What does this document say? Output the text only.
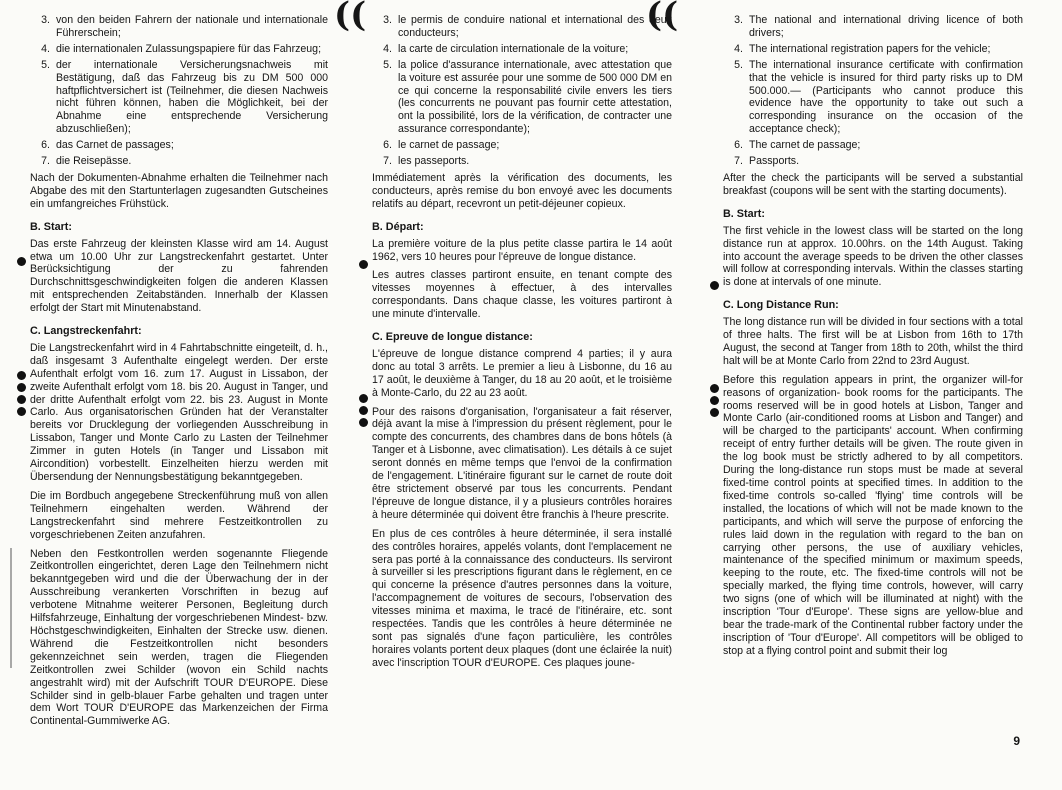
((	((
3. von den beiden Fahrern der nationale und internationale Führerschein;
4. die internationalen Zulassungspapiere für das Fahrzeug;
5. der internationale Versicherungsnachweis mit Bestätigung, daß das Fahrzeug bis zu DM 500 000 haftpflichtversichert ist (Teilnehmer, die diesen Nachweis nicht führen können, haben die Möglichkeit, bei der Abnahme eine entsprechende Versicherung abzuschließen);
6. das Carnet de passages;
7. die Reisepässe.

Nach der Dokumenten-Abnahme erhalten die Teilnehmer nach Abgabe des mit den Startunterlagen zugesandten Gutscheines ein umfangreiches Frühstück.

B. Start:

Das erste Fahrzeug der kleinsten Klasse wird am 14. August etwa um 10.00 Uhr zur Langstreckenfahrt gestartet. Unter Berücksichtigung der zu fahrenden Durchschnittsgeschwindigkeiten folgen die anderen Klassen mit entsprechenden Zeitabständen. Innerhalb der Klassen erfolgt der Start mit Minutenabstand.

C. Langstreckenfahrt:

Die Langstreckenfahrt wird in 4 Fahrtabschnitte eingeteilt, d. h., daß insgesamt 3 Aufenthalte eingelegt werden. Der erste Aufenthalt erfolgt vom 16. zum 17. August in Lissabon, der zweite Aufenthalt erfolgt vom 18. bis 20. August in Tanger, und der dritte Aufenthalt erfolgt vom 22. bis 23. August in Monte Carlo. Aus organisatorischen Gründen hat der Veranstalter bereits vor Drucklegung der vorliegenden Ausschreibung in Lissabon, Tanger und Monte Carlo zu Lasten der Teilnehmer Zimmer in guten Hotels (in Tanger und Lissabon mit Aircondition) vorbestellt. Einzelheiten hierzu werden mit Übersendung der Nennungsbestätigung bekanntgegeben.

Die im Bordbuch angegebene Streckenführung muß von allen Teilnehmern eingehalten werden. Während der Langstreckenfahrt sind mehrere Festzeitkontrollen zu vorgeschriebenen Zeiten anzufahren.

Neben den Festkontrollen werden sogenannte Fliegende Zeitkontrollen eingerichtet, deren Lage den Teilnehmern nicht bekanntgegeben wird und die der Überwachung der in der Ausschreibung verankerten Vorschriften in bezug auf verbotene Mitnahme weiterer Personen, Begleitung durch Hilfsfahrzeuge, Einhaltung der vorgeschriebenen Mindest- bzw. Höchstgeschwindigkeiten, Einhalten der Strecke usw. dienen. Während die Festzeitkontrollen nicht besonders gekennzeichnet sein werden, tragen die Fliegenden Zeitkontrollen zwei Schilder (wovon ein Schild nachts angestrahlt wird) mit der Aufschrift TOUR D'EUROPE. Diese Schilder sind in gelb-blauer Farbe gehalten und tragen unter dem Wort TOUR D'EUROPE das Markenzeichen der Firma Continental-Gummiwerke AG.

3. le permis de conduire national et international des deux conducteurs;
4. la carte de circulation internationale de la voiture;
5. la police d'assurance internationale, avec attestation que la voiture est assurée pour une somme de 500 000 DM en ce qui concerne la responsabilité civile envers les tiers (les concurrents ne pouvant pas fournir cette attestation, ont la possibilité, lors de la vérification, de contracter une assurance correspondante);
6. le carnet de passage;
7. les passeports.

Immédiatement après la vérification des documents, les conducteurs, après remise du bon envoyé avec les documents relatifs au départ, recevront un petit-déjeuner copieux.

B. Départ:

La première voiture de la plus petite classe partira le 14 août 1962, vers 10 heures pour l'épreuve de longue distance.

Les autres classes partiront ensuite, en tenant compte des vitesses moyennes à effectuer, à des intervalles correspondants. Dans chaque classe, les voitures partiront à une minute d'intervalle.

C. Epreuve de longue distance:

L'épreuve de longue distance comprend 4 parties; il y aura donc au total 3 arrêts. Le premier a lieu à Lisbonne, du 16 au 17 août, le deuxième à Tanger, du 18 au 20 août, et le troisième à Monte-Carlo, du 22 au 23 août.

Pour des raisons d'organisation, l'organisateur a fait réserver, déjà avant la mise à l'impression du présent règlement, pour le compte des concurrents, des chambres dans de bons hôtels (à Tanger et à Lisbonne, avec climatisation). Les détails à ce sujet seront donnés en même temps que l'envoi de la confirmation de l'engagement. L'itinéraire figurant sur le carnet de route doit être strictement observé par tous les concurrents. Pendant l'épreuve de longue distance, il y a plusieurs contrôles horaires à heure déterminée qui doivent être franchis à l'heure prescrite.

En plus de ces contrôles à heure déterminée, il sera installé des contrôles horaires, appelés volants, dont l'emplacement ne sera pas porté à la connaissance des conducteurs. Ils serviront à surveiller si les prescriptions figurant dans le règlement, en ce qui concerne la présence d'autres personnes dans la voiture, l'accompagnement de voitures de secours, l'observation des vitesses minima et maxima, le tracé de l'itinéraire, etc. sont respectées. Tandis que les contrôles à heure déterminée ne sont pas signalés d'une façon particulière, les contrôles horaires volants portent deux plaques (dont une éclairée la nuit) avec l'inscription TOUR d'EUROPE. Ces plaques joune-

3. The national and international driving licence of both drivers;
4. The international registration papers for the vehicle;
5. The international insurance certificate with confirmation that the vehicle is insured for third party risks up to DM 500.000.— (Participants who cannot produce this evidence have the opportunity to take out such a corresponding insurance on the occasion of the acceptance check);
6. The carnet de passage;
7. Passports.

After the check the participants will be served a substantial breakfast (coupons will be sent with the starting documents).

B. Start:

The first vehicle in the lowest class will be started on the long distance run at approx. 10.00hrs. on the 14th August. Taking into account the average speeds to be driven the other classes will follow at corresponding intervals. Within the classes starting is done at intervals of one minute.

C. Long Distance Run:

The long distance run will be divided in four sections with a total of three halts. The first will be at Lisbon from 16th to 17th August, the second at Tanger from 18th to 20th, whilst the third halt will be at Monte Carlo from 22nd to 23rd August.

Before this regulation appears in print, the organizer will-for reasons of organization- book rooms for the participants. The rooms reserved will be in good hotels at Lisbon, Tanger and Monte Carlo (air-conditioned rooms at Lisbon and Tanger) and will be charged to the participants' account. When confirming receipt of entry further details will be given. The route given in the log book must be strictly adhered to by all competitors. During the long-distance run stops must be made at several fixed-time control points at specified times. In addition to the fixed-time controls so-called 'flying' time controls will be installed, the locations of which will not be made known to the participants, and which will serve the purpose of enforcing the rules laid down in the regulation with regard to the ban on carrying other persons, the use of auxiliary vehicles, maintenance of the specified minimum or maximum speeds, keeping to the route, etc. The fixed-time controls will not be specially marked, the flying time controls, however, will carry two signs (one of which will be illuminated at night) with the inscription 'Tour d'Europe'. These signs are yellow-blue and bear the trade-mark of the Continental rubber factory under the inscription of 'Tour d'Europe'. All competitors will be obliged to stop at a flying control point and submit their log

9
